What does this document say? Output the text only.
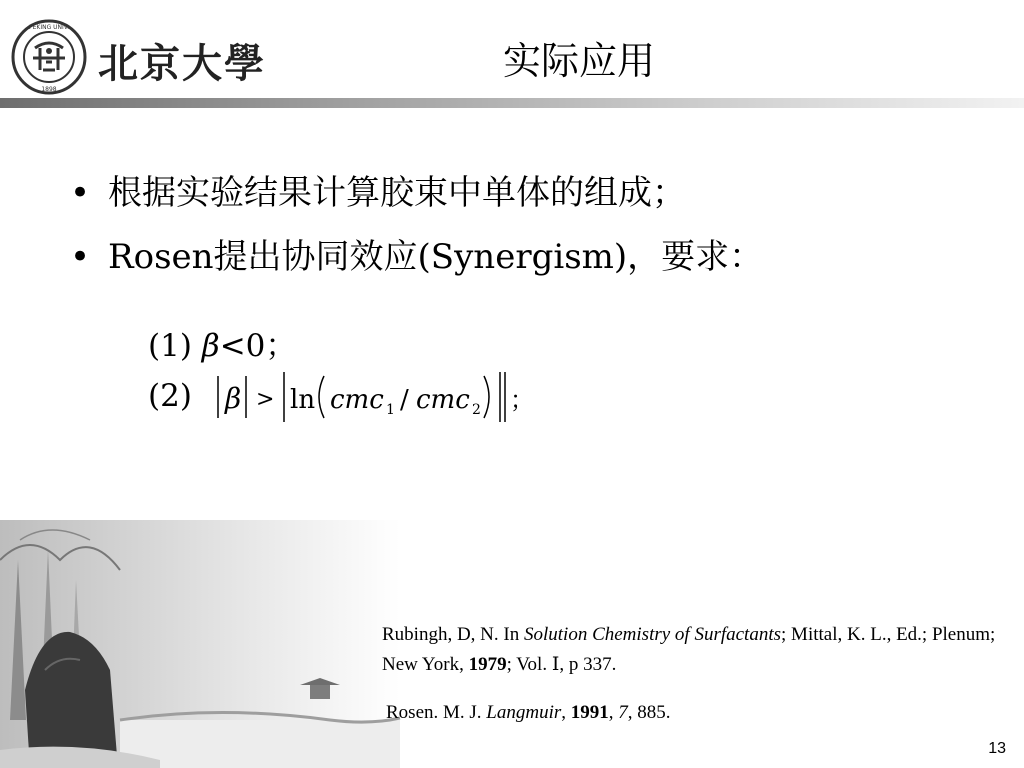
PEKING UNIV.
1898
北京大學	实际应用
• 根据实验结果计算胶束中单体的组成；
• Rosen提出协同效应(Synergism)，要求：
(1) β<0；
(2) β > ln cmc 1 / cmc 2 ；
Rubingh, D, N. In Solution Chemistry of Surfactants; Mittal, K. L., Ed.; Plenum; New York, 1979; Vol. Ⅰ, p 337.
Rosen. M. J. Langmuir, 1991, 7, 885.
13
